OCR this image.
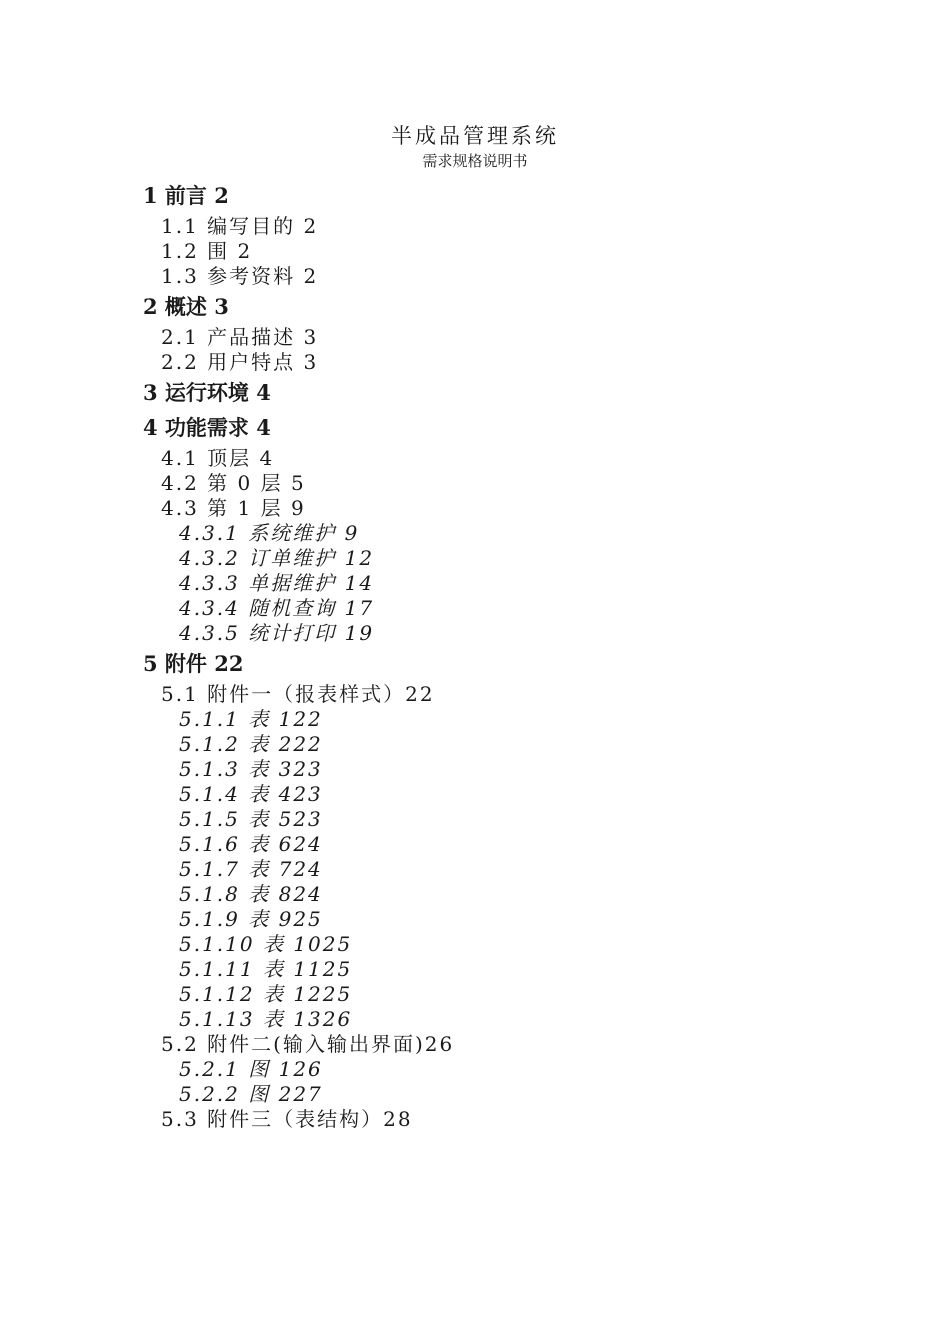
半成品管理系统
需求规格说明书
1 前言 2
1.1 编写目的 2
1.2 围 2
1.3 参考资料 2
2 概述 3
2.1 产品描述 3
2.2 用户特点 3
3 运行环境 4
4 功能需求 4
4.1 顶层 4
4.2 第 0 层 5
4.3 第 1 层 9
4.3.1 系统维护 9
4.3.2 订单维护 12
4.3.3 单据维护 14
4.3.4 随机查询 17
4.3.5 统计打印 19
5 附件 22
5.1 附件一（报表样式）22
5.1.1 表 122
5.1.2 表 222
5.1.3 表 323
5.1.4 表 423
5.1.5 表 523
5.1.6 表 624
5.1.7 表 724
5.1.8 表 824
5.1.9 表 925
5.1.10 表 1025
5.1.11 表 1125
5.1.12 表 1225
5.1.13 表 1326
5.2 附件二(输入输出界面)26
5.2.1 图 126
5.2.2 图 227
5.3 附件三（表结构）28
